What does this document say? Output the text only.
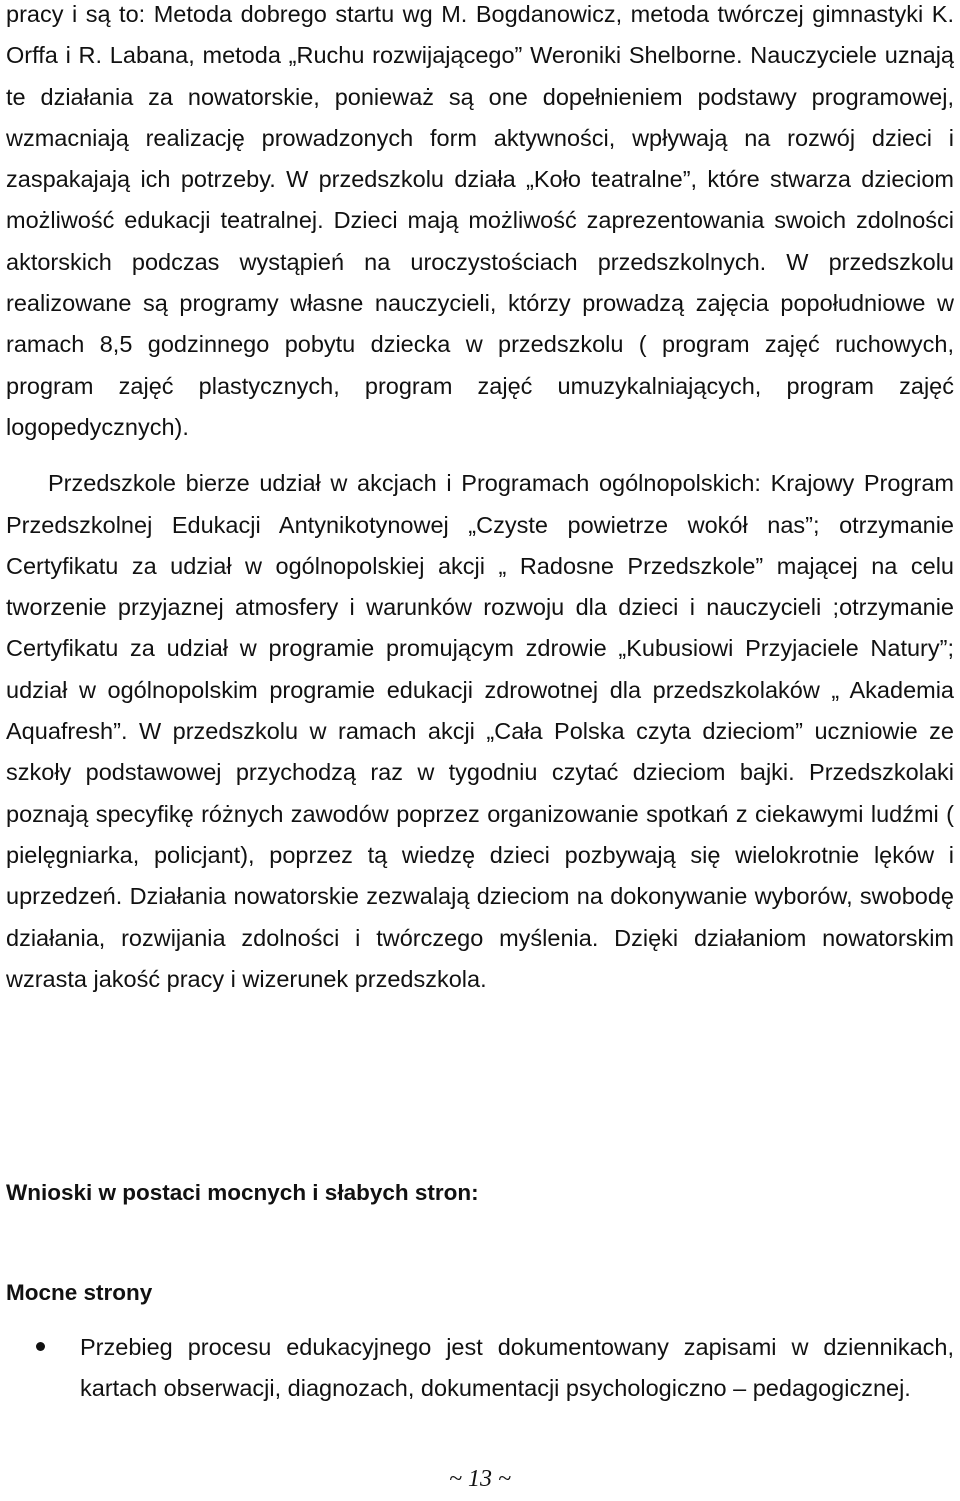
pracy i są to: Metoda dobrego startu wg M. Bogdanowicz, metoda twórczej gimnastyki K. Orffa i R. Labana, metoda „Ruchu rozwijającego” Weroniki Shelborne. Nauczyciele uznają te działania za nowatorskie, ponieważ są one dopełnieniem podstawy programowej, wzmacniają realizację prowadzonych form aktywności, wpływają na rozwój dzieci i zaspakajają ich potrzeby. W przedszkolu działa „Koło teatralne”, które stwarza dzieciom możliwość edukacji teatralnej. Dzieci mają możliwość zaprezentowania swoich zdolności aktorskich podczas wystąpień na uroczystościach przedszkolnych. W przedszkolu realizowane są programy własne nauczycieli, którzy prowadzą zajęcia popołudniowe w ramach 8,5 godzinnego pobytu dziecka w przedszkolu ( program zajęć ruchowych, program zajęć plastycznych, program zajęć umuzykalniających, program zajęć logopedycznych).

Przedszkole bierze udział w akcjach i Programach ogólnopolskich: Krajowy Program Przedszkolnej Edukacji Antynikotynowej „Czyste powietrze wokół nas”; otrzymanie Certyfikatu za udział w ogólnopolskiej akcji „ Radosne Przedszkole” mającej na celu tworzenie przyjaznej atmosfery i warunków rozwoju dla dzieci i nauczycieli ;otrzymanie Certyfikatu za udział w programie promującym zdrowie „Kubusiowi Przyjaciele Natury”; udział w ogólnopolskim programie edukacji zdrowotnej dla przedszkolaków „ Akademia Aquafresh”. W przedszkolu w ramach akcji „Cała Polska czyta dzieciom” uczniowie ze szkoły podstawowej przychodzą raz w tygodniu czytać dzieciom bajki. Przedszkolaki poznają specyfikę różnych zawodów poprzez organizowanie spotkań z ciekawymi ludźmi ( pielęgniarka, policjant), poprzez tą wiedzę dzieci pozbywają się wielokrotnie lęków i uprzedzeń. Działania nowatorskie zezwalają dzieciom na dokonywanie wyborów, swobodę działania, rozwijania zdolności i twórczego myślenia. Dzięki działaniom nowatorskim wzrasta jakość pracy i wizerunek przedszkola.

Wnioski w postaci mocnych i słabych stron:
Mocne strony
Przebieg procesu edukacyjnego jest dokumentowany zapisami w dziennikach, kartach obserwacji, diagnozach, dokumentacji psychologiczno – pedagogicznej.
~ 13 ~
